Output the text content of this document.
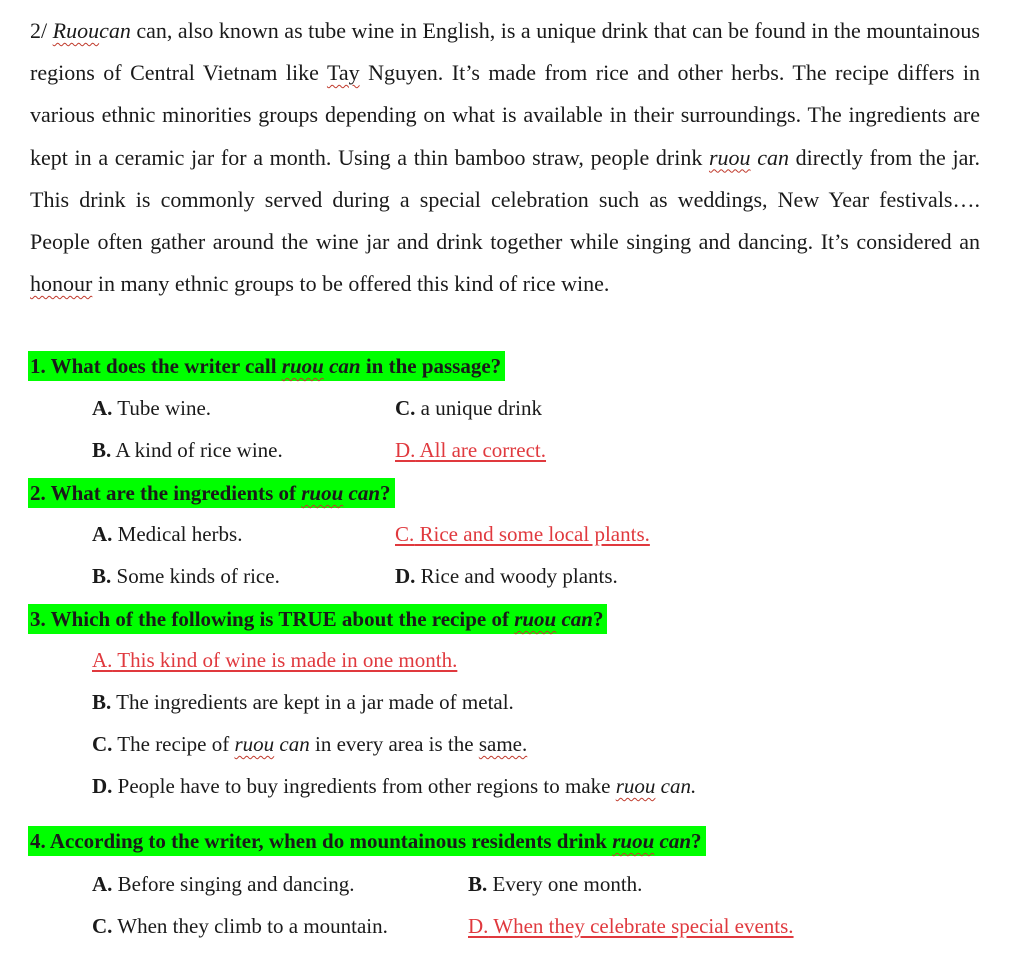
2/ Ruoucan can, also known as tube wine in English, is a unique drink that can be found in the mountainous regions of Central Vietnam like Tay Nguyen. It’s made from rice and other herbs. The recipe differs in various ethnic minorities groups depending on what is available in their surroundings. The ingredients are kept in a ceramic jar for a month. Using a thin bamboo straw, people drink ruou can directly from the jar. This drink is commonly served during a special celebration such as weddings, New Year festivals…. People often gather around the wine jar and drink together while singing and dancing. It’s considered an honour in many ethnic groups to be offered this kind of rice wine.

1. What does the writer call ruou can in the passage?
A. Tube wine.	C. a unique drink
B. A kind of rice wine.	D. All are correct.
2. What are the ingredients of ruou can?
A. Medical herbs.	C. Rice and some local plants.
B. Some kinds of rice.	D. Rice and woody plants.
3. Which of the following is TRUE about the recipe of ruou can?
A. This kind of wine is made in one month.
B. The ingredients are kept in a jar made of metal.
C. The recipe of ruou can in every area is the same.
D. People have to buy ingredients from other regions to make ruou can.
4. According to the writer, when do mountainous residents drink ruou can?
A. Before singing and dancing.	B. Every one month.
C. When they climb to a mountain.	D. When they celebrate special events.
